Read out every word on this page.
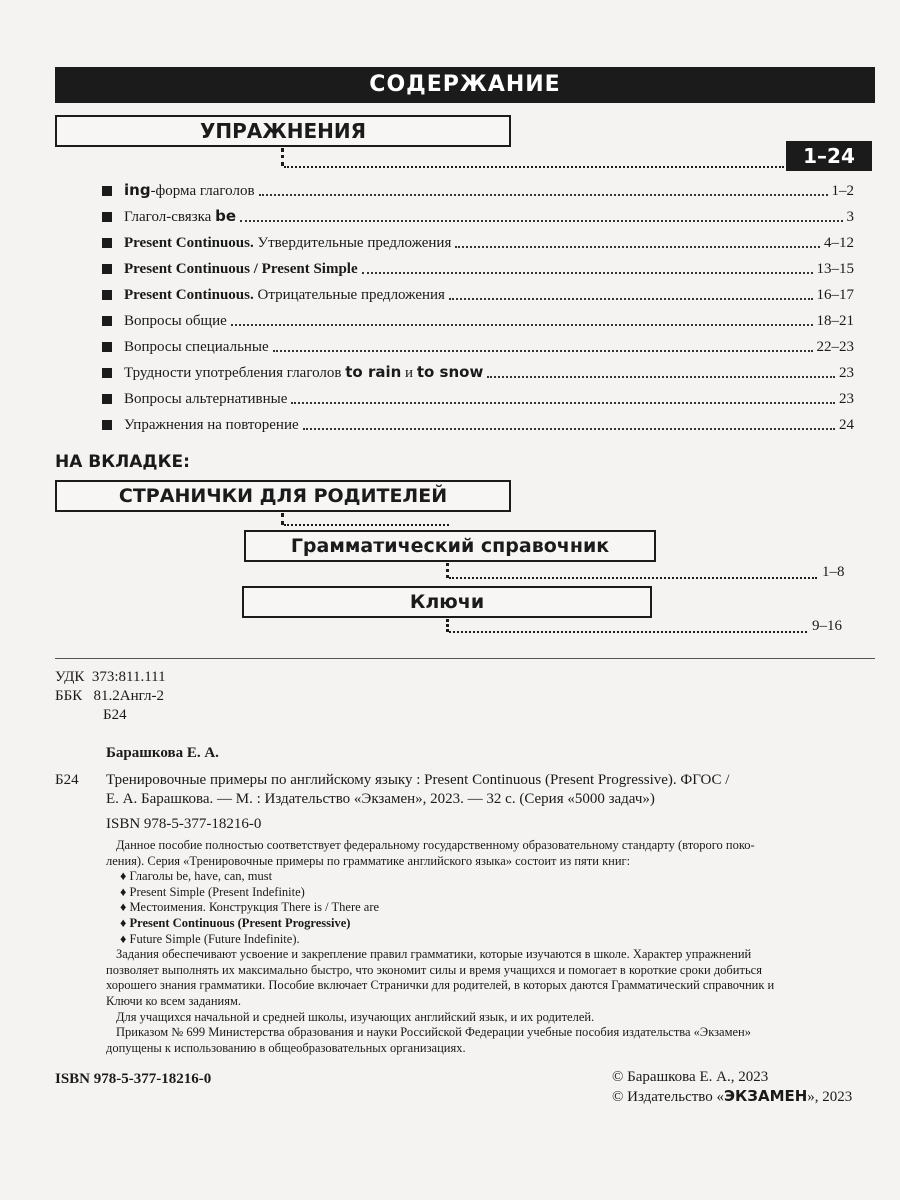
СОДЕРЖАНИЕ
УПРАЖНЕНИЯ
1–24
ing-форма глаголов	1–2
Глагол-связка be	3
Present Continuous. Утвердительные предложения	4–12
Present Continuous / Present Simple	13–15
Present Continuous. Отрицательные предложения	16–17
Вопросы общие	18–21
Вопросы специальные	22–23
Трудности употребления глаголов to rain и to snow	23
Вопросы альтернативные	23
Упражнения на повторение	24
НА ВКЛАДКЕ:
СТРАНИЧКИ ДЛЯ РОДИТЕЛЕЙ
Грамматический справочник
1–8
Ключи
9–16
УДК 373:811.111
ББК 81.2Англ-2
Б24
Барашкова Е. А.
Б24 Тренировочные примеры по английскому языку : Present Continuous (Present Progressive). ФГОС /
Е. А. Барашкова. — М. : Издательство «Экзамен», 2023. — 32 с. (Серия «5000 задач»)
ISBN 978-5-377-18216-0
Данное пособие полностью соответствует федеральному государственному образовательному стандарту (второго поко-
ления). Серия «Тренировочные примеры по грамматике английского языка» состоит из пяти книг:
♦ Глаголы be, have, can, must
♦ Present Simple (Present Indefinite)
♦ Местоимения. Конструкция There is / There are
♦ Present Continuous (Present Progressive)
♦ Future Simple (Future Indefinite).
Задания обеспечивают усвоение и закрепление правил грамматики, которые изучаются в школе. Характер упражнений
позволяет выполнять их максимально быстро, что экономит силы и время учащихся и помогает в короткие сроки добиться
хорошего знания грамматики. Пособие включает Странички для родителей, в которых даются Грамматический справочник и
Ключи ко всем заданиям.
Для учащихся начальной и средней школы, изучающих английский язык, и их родителей.
Приказом № 699 Министерства образования и науки Российской Федерации учебные пособия издательства «Экзамен»
допущены к использованию в общеобразовательных организациях.
ISBN 978-5-377-18216-0	© Барашкова Е. А., 2023
© Издательство «ЭКЗАМЕН», 2023
